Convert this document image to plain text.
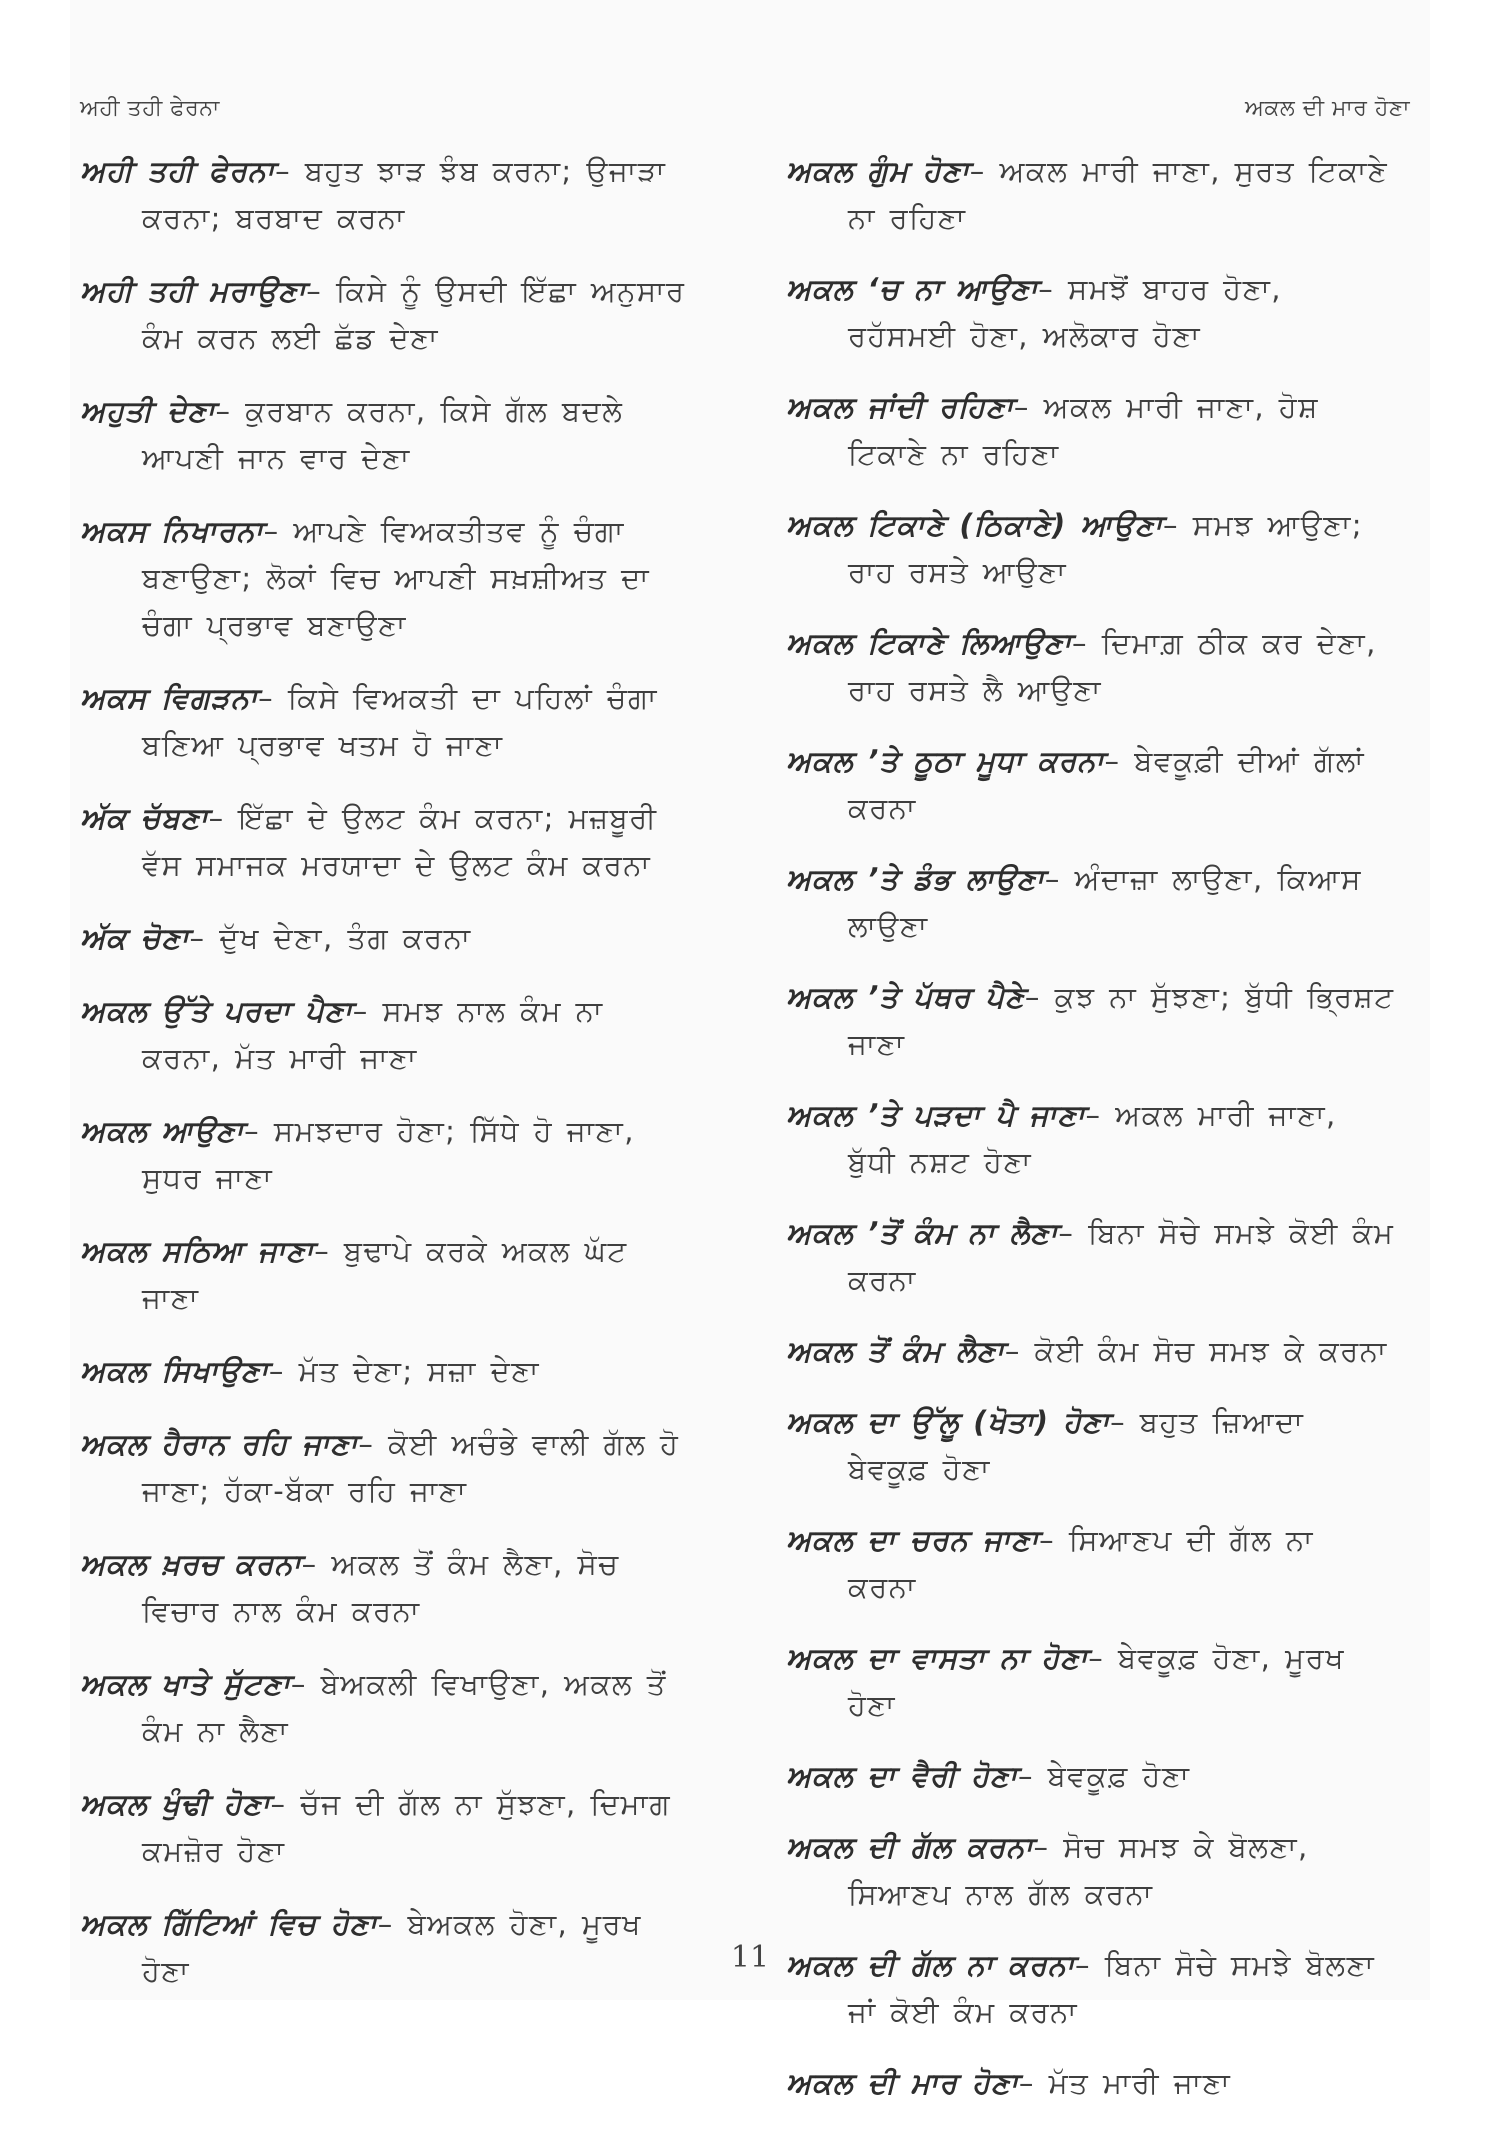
ਅਹੀ ਤਹੀ ਫੇਰਨਾ	ਅਕਲ ਦੀ ਮਾਰ ਹੋਣਾ
ਅਹੀ ਤਹੀ ਫੇਰਨਾ– ਬਹੁਤ ਝਾੜ ਝੰਬ ਕਰਨਾ; ਉਜਾੜਾ ਕਰਨਾ; ਬਰਬਾਦ ਕਰਨਾ
ਅਹੀ ਤਹੀ ਮਰਾਉਣਾ– ਕਿਸੇ ਨੂੰ ਉਸਦੀ ਇੱਛਾ ਅਨੁਸਾਰ ਕੰਮ ਕਰਨ ਲਈ ਛੱਡ ਦੇਣਾ
ਅਹੁਤੀ ਦੇਣਾ– ਕੁਰਬਾਨ ਕਰਨਾ, ਕਿਸੇ ਗੱਲ ਬਦਲੇ ਆਪਣੀ ਜਾਨ ਵਾਰ ਦੇਣਾ
ਅਕਸ ਨਿਖਾਰਨਾ– ਆਪਣੇ ਵਿਅਕਤੀਤਵ ਨੂੰ ਚੰਗਾ ਬਣਾਉਣਾ; ਲੋਕਾਂ ਵਿਚ ਆਪਣੀ ਸਖ਼ਸ਼ੀਅਤ ਦਾ ਚੰਗਾ ਪ੍ਰਭਾਵ ਬਣਾਉਣਾ
ਅਕਸ ਵਿਗੜਨਾ– ਕਿਸੇ ਵਿਅਕਤੀ ਦਾ ਪਹਿਲਾਂ ਚੰਗਾ ਬਣਿਆ ਪ੍ਰਭਾਵ ਖਤਮ ਹੋ ਜਾਣਾ
ਅੱਕ ਚੱਬਣਾ– ਇੱਛਾ ਦੇ ਉਲਟ ਕੰਮ ਕਰਨਾ; ਮਜ਼ਬੂਰੀ ਵੱਸ ਸਮਾਜਕ ਮਰਯਾਦਾ ਦੇ ਉਲਟ ਕੰਮ ਕਰਨਾ
ਅੱਕ ਚੋਣਾ– ਦੁੱਖ ਦੇਣਾ, ਤੰਗ ਕਰਨਾ
ਅਕਲ ਉੱਤੇ ਪਰਦਾ ਪੈਣਾ– ਸਮਝ ਨਾਲ ਕੰਮ ਨਾ ਕਰਨਾ, ਮੱਤ ਮਾਰੀ ਜਾਣਾ
ਅਕਲ ਆਉਣਾ– ਸਮਝਦਾਰ ਹੋਣਾ; ਸਿੱਧੇ ਹੋ ਜਾਣਾ, ਸੁਧਰ ਜਾਣਾ
ਅਕਲ ਸਠਿਆ ਜਾਣਾ– ਬੁਢਾਪੇ ਕਰਕੇ ਅਕਲ ਘੱਟ ਜਾਣਾ
ਅਕਲ ਸਿਖਾਉਣਾ– ਮੱਤ ਦੇਣਾ; ਸਜ਼ਾ ਦੇਣਾ
ਅਕਲ ਹੈਰਾਨ ਰਹਿ ਜਾਣਾ– ਕੋਈ ਅਚੰਭੇ ਵਾਲੀ ਗੱਲ ਹੋ ਜਾਣਾ; ਹੱਕਾ-ਬੱਕਾ ਰਹਿ ਜਾਣਾ
ਅਕਲ ਖ਼ਰਚ ਕਰਨਾ– ਅਕਲ ਤੋਂ ਕੰਮ ਲੈਣਾ, ਸੋਚ ਵਿਚਾਰ ਨਾਲ ਕੰਮ ਕਰਨਾ
ਅਕਲ ਖਾਤੇ ਸੁੱਟਣਾ– ਬੇਅਕਲੀ ਵਿਖਾਉਣਾ, ਅਕਲ ਤੋਂ ਕੰਮ ਨਾ ਲੈਣਾ
ਅਕਲ ਖੁੰਢੀ ਹੋਣਾ– ਚੱਜ ਦੀ ਗੱਲ ਨਾ ਸੁੱਝਣਾ, ਦਿਮਾਗ ਕਮਜ਼ੋਰ ਹੋਣਾ
ਅਕਲ ਗਿੱਟਿਆਂ ਵਿਚ ਹੋਣਾ– ਬੇਅਕਲ ਹੋਣਾ, ਮੂਰਖ ਹੋਣਾ
ਅਕਲ ਗੁੰਮ ਹੋਣਾ– ਅਕਲ ਮਾਰੀ ਜਾਣਾ, ਸੁਰਤ ਟਿਕਾਣੇ ਨਾ ਰਹਿਣਾ
ਅਕਲ ‘ਚ ਨਾ ਆਉਣਾ– ਸਮਝੋਂ ਬਾਹਰ ਹੋਣਾ, ਰਹੱਸਮਈ ਹੋਣਾ, ਅਲੋਕਾਰ ਹੋਣਾ
ਅਕਲ ਜਾਂਦੀ ਰਹਿਣਾ– ਅਕਲ ਮਾਰੀ ਜਾਣਾ, ਹੋਸ਼ ਟਿਕਾਣੇ ਨਾ ਰਹਿਣਾ
ਅਕਲ ਟਿਕਾਣੇ (ਠਿਕਾਣੇ) ਆਉਣਾ– ਸਮਝ ਆਉਣਾ; ਰਾਹ ਰਸਤੇ ਆਉਣਾ
ਅਕਲ ਟਿਕਾਣੇ ਲਿਆਉਣਾ– ਦਿਮਾਗ਼ ਠੀਕ ਕਰ ਦੇਣਾ, ਰਾਹ ਰਸਤੇ ਲੈ ਆਉਣਾ
ਅਕਲ ’ਤੇ ਠੂਠਾ ਮੂਧਾ ਕਰਨਾ– ਬੇਵਕੂਫ਼ੀ ਦੀਆਂ ਗੱਲਾਂ ਕਰਨਾ
ਅਕਲ ’ਤੇ ਡੰਭ ਲਾਉਣਾ– ਅੰਦਾਜ਼ਾ ਲਾਉਣਾ, ਕਿਆਸ ਲਾਉਣਾ
ਅਕਲ ’ਤੇ ਪੱਥਰ ਪੈਣੇ– ਕੁਝ ਨਾ ਸੁੱਝਣਾ; ਬੁੱਧੀ ਭ੍ਰਿਸ਼ਟ ਜਾਣਾ
ਅਕਲ ’ਤੇ ਪੜਦਾ ਪੈ ਜਾਣਾ– ਅਕਲ ਮਾਰੀ ਜਾਣਾ, ਬੁੱਧੀ ਨਸ਼ਟ ਹੋਣਾ
ਅਕਲ ’ਤੋਂ ਕੰਮ ਨਾ ਲੈਣਾ– ਬਿਨਾ ਸੋਚੇ ਸਮਝੇ ਕੋਈ ਕੰਮ ਕਰਨਾ
ਅਕਲ ਤੋਂ ਕੰਮ ਲੈਣਾ– ਕੋਈ ਕੰਮ ਸੋਚ ਸਮਝ ਕੇ ਕਰਨਾ
ਅਕਲ ਦਾ ਉੱਲੂ (ਖੋਤਾ) ਹੋਣਾ– ਬਹੁਤ ਜ਼ਿਆਦਾ ਬੇਵਕੂਫ਼ ਹੋਣਾ
ਅਕਲ ਦਾ ਚਰਨ ਜਾਣਾ– ਸਿਆਣਪ ਦੀ ਗੱਲ ਨਾ ਕਰਨਾ
ਅਕਲ ਦਾ ਵਾਸਤਾ ਨਾ ਹੋਣਾ– ਬੇਵਕੂਫ਼ ਹੋਣਾ, ਮੂਰਖ ਹੋਣਾ
ਅਕਲ ਦਾ ਵੈਰੀ ਹੋਣਾ– ਬੇਵਕੂਫ਼ ਹੋਣਾ
ਅਕਲ ਦੀ ਗੱਲ ਕਰਨਾ– ਸੋਚ ਸਮਝ ਕੇ ਬੋਲਣਾ, ਸਿਆਣਪ ਨਾਲ ਗੱਲ ਕਰਨਾ
ਅਕਲ ਦੀ ਗੱਲ ਨਾ ਕਰਨਾ– ਬਿਨਾ ਸੋਚੇ ਸਮਝੇ ਬੋਲਣਾ ਜਾਂ ਕੋਈ ਕੰਮ ਕਰਨਾ
ਅਕਲ ਦੀ ਮਾਰ ਹੋਣਾ– ਮੱਤ ਮਾਰੀ ਜਾਣਾ
11
